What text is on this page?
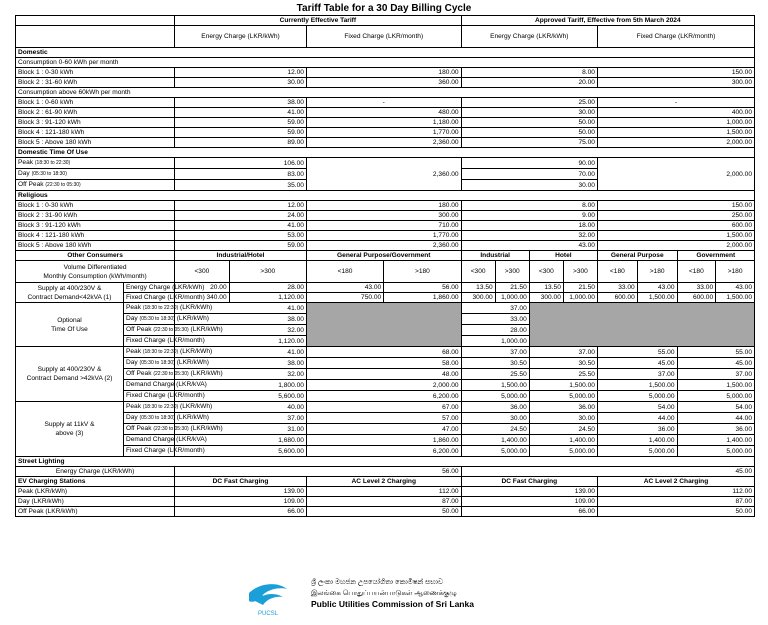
Tariff Table for a 30 Day Billing Cycle
		Currently Effective Tariff				Approved Tariff, Effective from 5th March 2024							
		Energy Charge (LKR/kWh)		Fixed Charge (LKR/month)		Energy Charge (LKR/kWh)				Fixed Charge (LKR/month)			
Domestic													
Consumption 0-60 kWh per month													
Block 1 : 0-30 kWh		12.00		180.00		8.00				150.00			
Block 2 : 31-60 kWh		30.00		360.00		20.00				300.00			
Consumption above 60kWh per month													
Block 1 : 0-60 kWh		38.00		-		25.00				-			
Block 2 : 61-90 kWh		41.00		480.00		30.00				400.00			
Block 3 : 91-120 kWh		59.00		1,180.00		50.00				1,000.00			
Block 4 : 121-180 kWh		59.00		1,770.00		50.00				1,500.00			
Block 5 : Above 180 kWh		89.00		2,360.00		75.00				2,000.00			
Domestic Time Of Use													
Peak (18:30 to 22:30)		106.00		2,360.00		90.00				2,000.00			
Day (05:30 to 18:30)		83.00				70.00							
Off Peak (22:30 to 05:30)		35.00				30.00							
Religious													
Block 1 : 0-30 kWh		12.00		180.00		8.00				150.00			
Block 2 : 31-90 kWh		24.00		300.00		9.00				250.00			
Block 3 : 91-120 kWh		41.00		710.00		18.00				600.00			
Block 4 : 121-180 kWh		53.00		1,770.00		32.00				1,500.00			
Block 5 : Above 180 kWh		59.00		2,360.00		43.00				2,000.00			
Other Consumers		Industrial/Hotel		General Purpose/Government		Industrial		Hotel		General Purpose		Government	
Volume Differentiated
Monthly Consumption (kWh/month)		<300	>300	<180	>180	<300	>300	<300	>300	<180	>180	<180	>180
Supply at 400/230V &
Contract Demand<42kVA (1)	Energy Charge (LKR/kWh)	20.00	28.00	43.00	56.00	13.50	21.50	13.50	21.50	33.00	43.00	33.00	43.00
	Fixed Charge (LKR/month)	340.00	1,120.00	750.00	1,860.00	300.00	1,000.00	300.00	1,000.00	600.00	1,500.00	600.00	1,500.00
Optional
Time Of Use	Peak (18:30 to 22:30) (LKR/kWh)	41.00				37.00							
	Day (05:30 to 18:30) (LKR/kWh)	38.00				33.00							
	Off Peak (22:30 to 05:30) (LKR/kWh)	32.00				28.00							
	Fixed Charge (LKR/month)	1,120.00				1,000.00							
Supply at 400/230V &
Contract Demand >42kVA (2)	Peak (18:30 to 22:30) (LKR/kWh)	41.00		68.00		37.00		37.00		55.00		55.00	
	Day (05:30 to 18:30) (LKR/kWh)	38.00		58.00		30.50		30.50		45.00		45.00	
	Off Peak (22:30 to 05:30) (LKR/kWh)	32.00		48.00		25.50		25.50		37.00		37.00	
	Demand Charge (LKR/kVA)	1,800.00		2,000.00		1,500.00		1,500.00		1,500.00		1,500.00	
	Fixed Charge (LKR/month)	5,600.00		6,200.00		5,000.00		5,000.00		5,000.00		5,000.00	
Supply at 11kV &
above (3)	Peak (18:30 to 22:30) (LKR/kWh)	40.00		67.00		36.00		36.00		54.00		54.00	
	Day (05:30 to 18:30) (LKR/kWh)	37.00		57.00		30.00		30.00		44.00		44.00	
	Off Peak (22:30 to 05:30) (LKR/kWh)	31.00		47.00		24.50		24.50		36.00		36.00	
	Demand Charge (LKR/kVA)	1,680.00		1,860.00		1,400.00		1,400.00		1,400.00		1,400.00	
	Fixed Charge (LKR/month)	5,600.00		6,200.00		5,000.00		5,000.00		5,000.00		5,000.00	
Street Lighting													
Energy Charge (LKR/kWh)		56.00				45.00							
EV Charging Stations		DC Fast Charging		AC Level 2 Charging		DC Fast Charging				AC Level 2 Charging			
Peak (LKR/kWh)		139.00		112.00		139.00				112.00			
Day (LKR/kWh)		109.00		87.00		109.00				87.00			
Off Peak (LKR/kWh)		66.00		50.00		66.00				50.00			
PUCSL
ශ්‍රී ලංකා මහජන උපයෝගිතා කොමිෂන් සභාව
இலங்கை பொதுப்பயன்பாடுகள் ஆணைக்குழு
Public Utilities Commission of Sri Lanka
